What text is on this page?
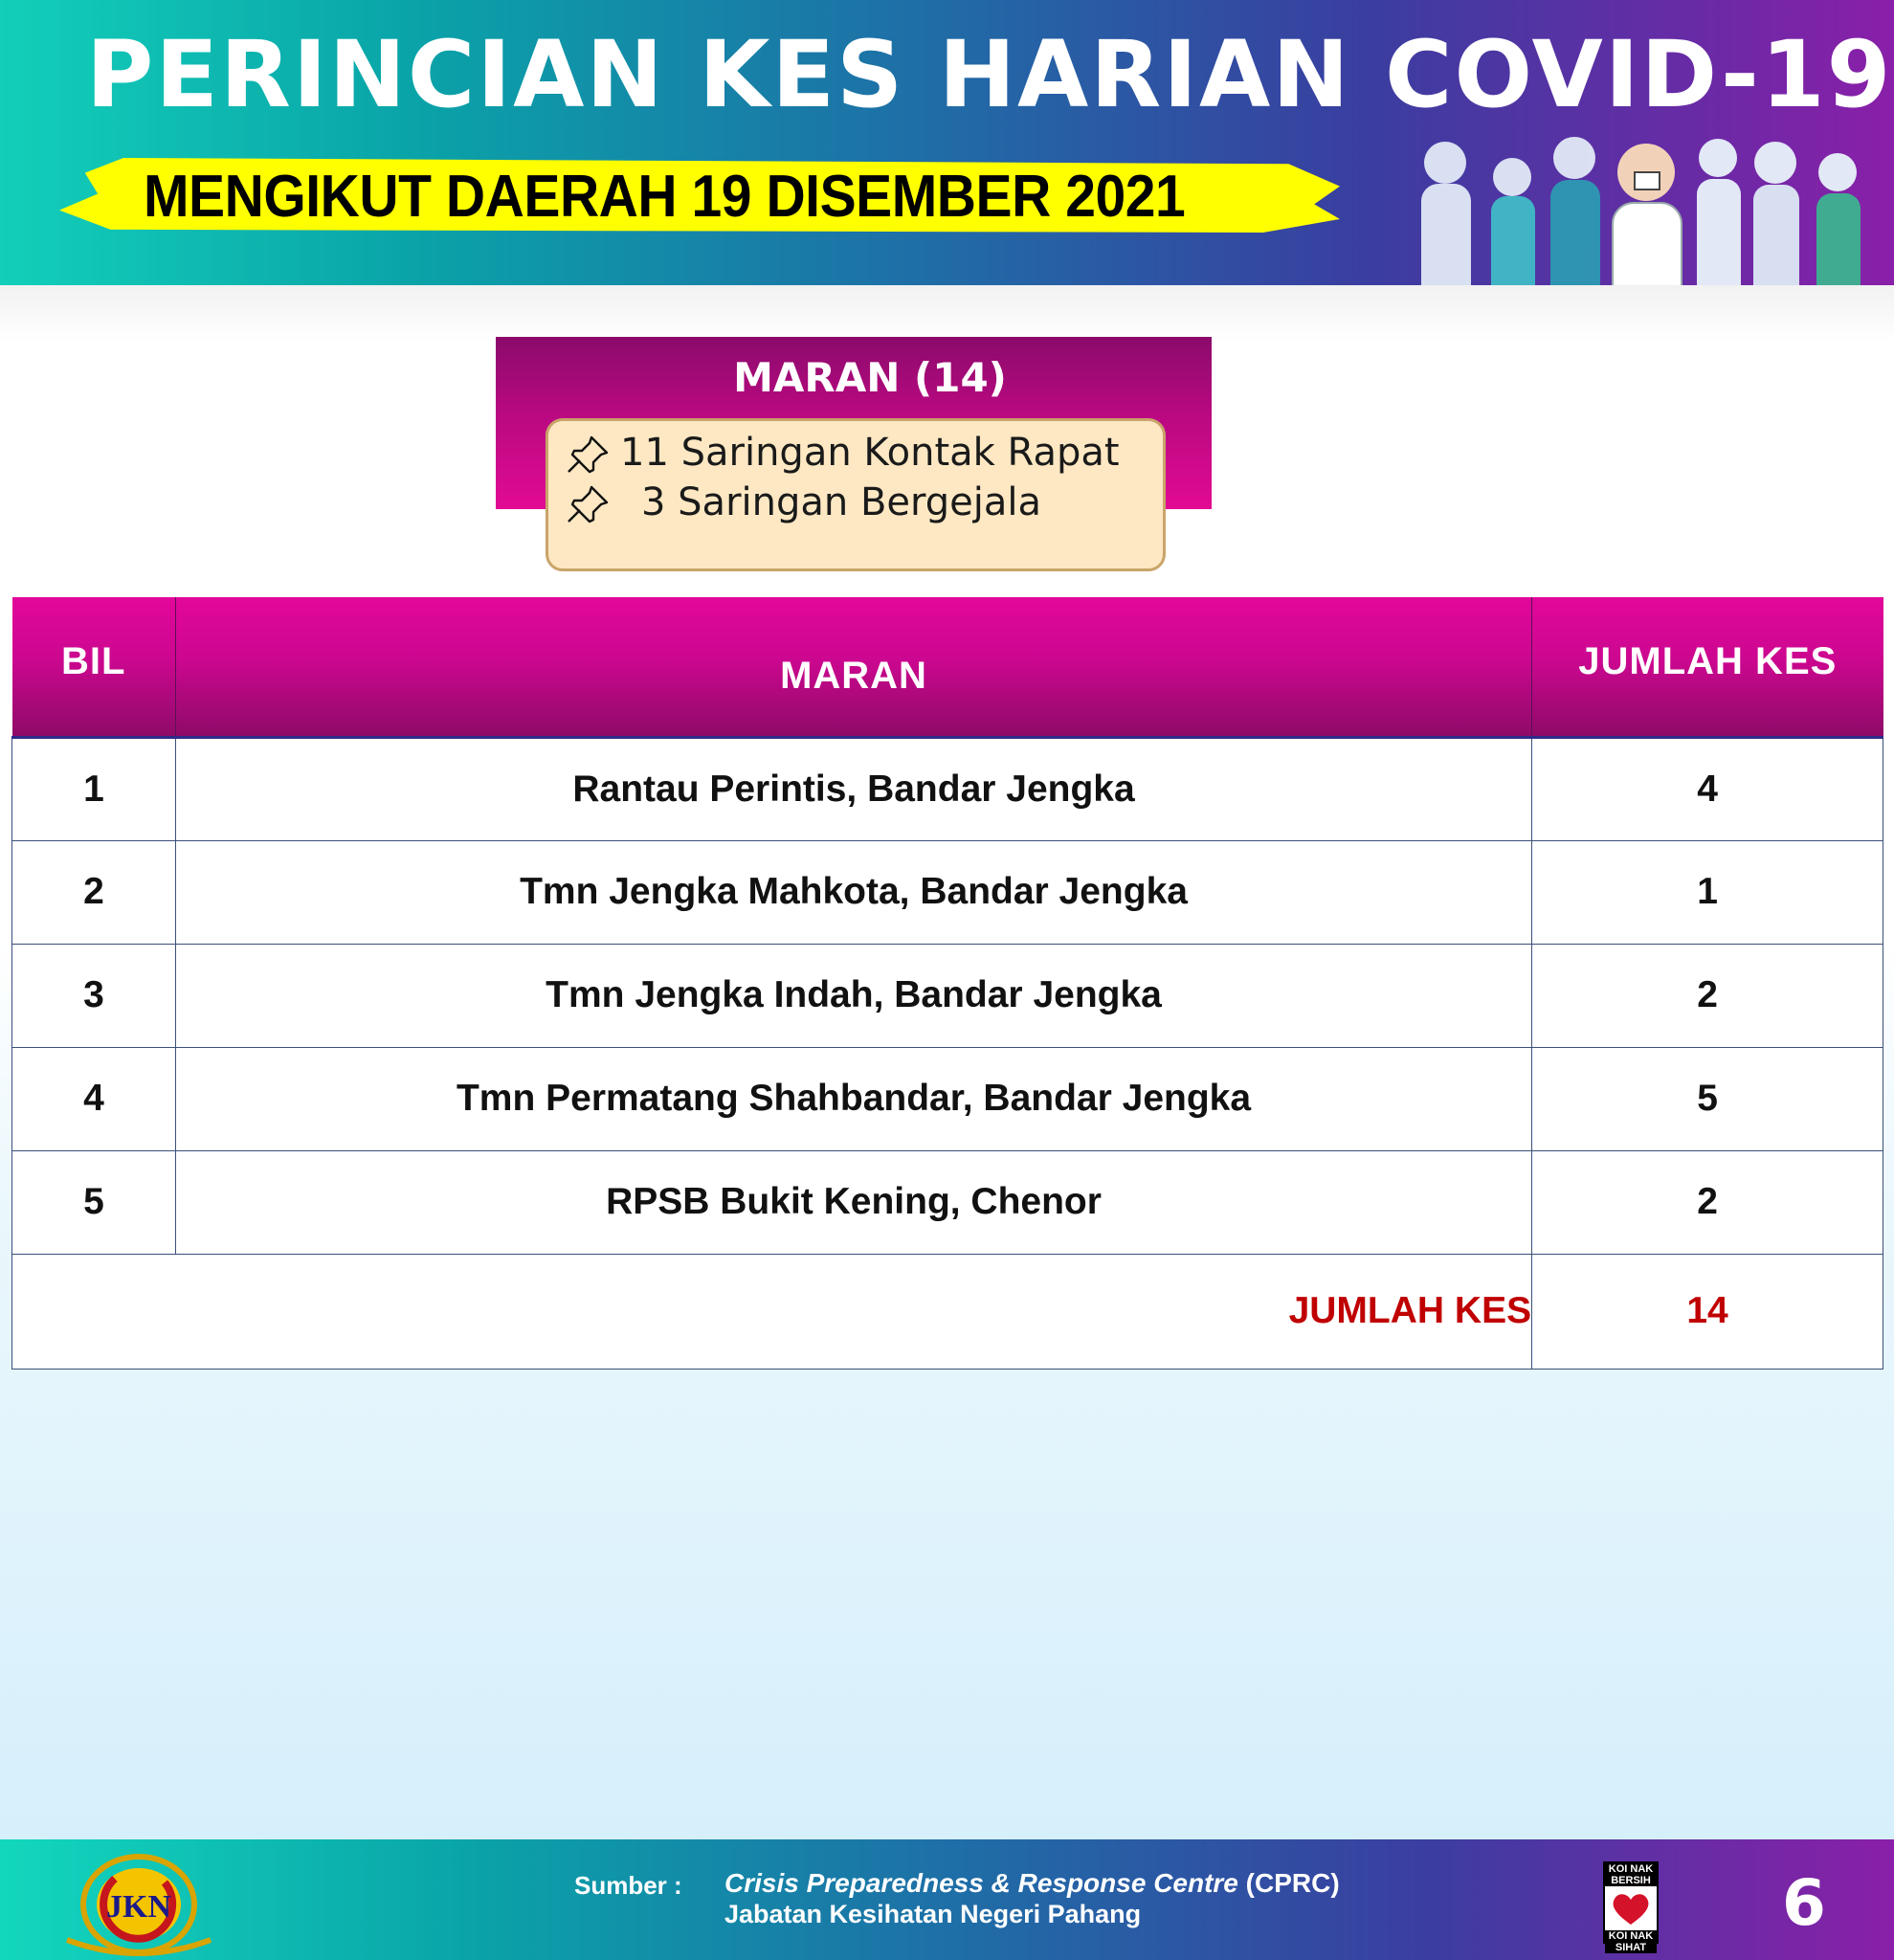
PERINCIAN KES HARIAN COVID-19
MENGIKUT DAERAH 19 DISEMBER 2021
MARAN (14)
11 Saringan Kontak Rapat
3 Saringan Bergejala
BIL	MARAN	JUMLAH KES
1	Rantau Perintis, Bandar Jengka	4
2	Tmn Jengka Mahkota, Bandar Jengka	1
3	Tmn Jengka Indah, Bandar Jengka	2
4	Tmn Permatang Shahbandar, Bandar Jengka	5
5	RPSB Bukit Kening, Chenor	2
JUMLAH KES		14
JKN
Sumber : Crisis Preparedness & Response Centre (CPRC)
Jabatan Kesihatan Negeri Pahang
KOI NAK BERSIH
KOI NAK SIHAT
6
